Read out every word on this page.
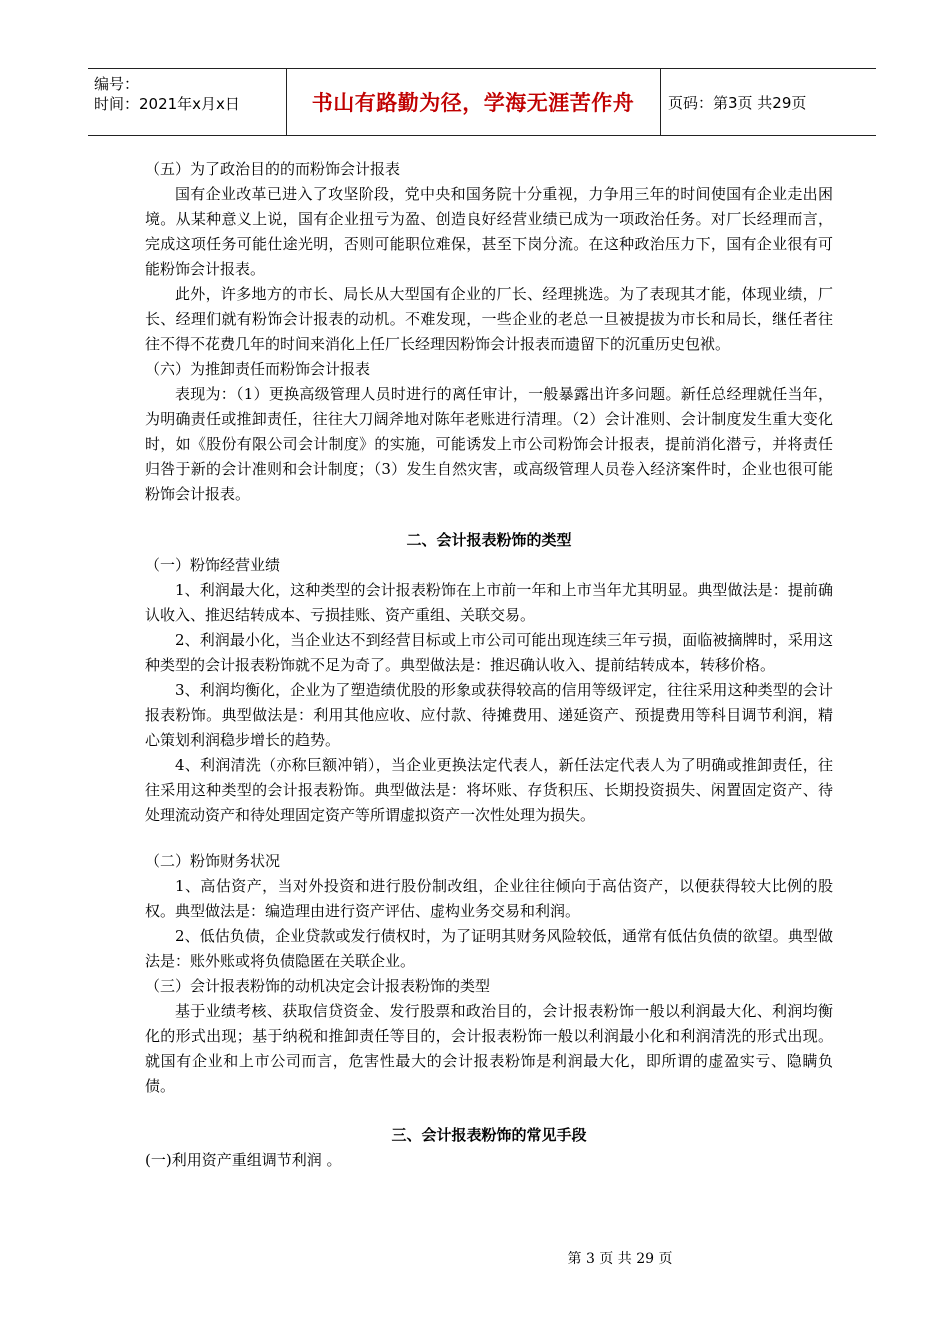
编号：
时间：2021年x月x日	书山有路勤为径，学海无涯苦作舟 页码：第3页 共29页

（五）为了政治目的的而粉饰会计报表

国有企业改革已进入了攻坚阶段，党中央和国务院十分重视，力争用三年的时间使国有企业走出困境。从某种意义上说，国有企业扭亏为盈、创造良好经营业绩已成为一项政治任务。对厂长经理而言，完成这项任务可能仕途光明，否则可能职位难保，甚至下岗分流。在这种政治压力下，国有企业很有可能粉饰会计报表。

此外，许多地方的市长、局长从大型国有企业的厂长、经理挑选。为了表现其才能，体现业绩，厂长、经理们就有粉饰会计报表的动机。不难发现，一些企业的老总一旦被提拔为市长和局长，继任者往往不得不花费几年的时间来消化上任厂长经理因粉饰会计报表而遗留下的沉重历史包袱。

（六）为推卸责任而粉饰会计报表

表现为：（1）更换高级管理人员时进行的离任审计，一般暴露出许多问题。新任总经理就任当年，为明确责任或推卸责任，往往大刀阔斧地对陈年老账进行清理。（2）会计准则、会计制度发生重大变化时，如《股份有限公司会计制度》的实施，可能诱发上市公司粉饰会计报表，提前消化潜亏，并将责任归咎于新的会计准则和会计制度；（3）发生自然灾害，或高级管理人员卷入经济案件时，企业也很可能粉饰会计报表。

二、会计报表粉饰的类型

（一）粉饰经营业绩

1、利润最大化，这种类型的会计报表粉饰在上市前一年和上市当年尤其明显。典型做法是：提前确认收入、推迟结转成本、亏损挂账、资产重组、关联交易。

2、利润最小化，当企业达不到经营目标或上市公司可能出现连续三年亏损，面临被摘牌时，采用这种类型的会计报表粉饰就不足为奇了。典型做法是：推迟确认收入、提前结转成本，转移价格。

3、利润均衡化，企业为了塑造绩优股的形象或获得较高的信用等级评定，往往采用这种类型的会计报表粉饰。典型做法是：利用其他应收、应付款、待摊费用、递延资产、预提费用等科目调节利润，精心策划利润稳步增长的趋势。

4、利润清洗（亦称巨额冲销），当企业更换法定代表人，新任法定代表人为了明确或推卸责任，往往采用这种类型的会计报表粉饰。典型做法是：将坏账、存货积压、长期投资损失、闲置固定资产、待处理流动资产和待处理固定资产等所谓虚拟资产一次性处理为损失。

（二）粉饰财务状况

1、高估资产，当对外投资和进行股份制改组，企业往往倾向于高估资产，以便获得较大比例的股权。典型做法是：编造理由进行资产评估、虚构业务交易和利润。

2、低估负债，企业贷款或发行债权时，为了证明其财务风险较低，通常有低估负债的欲望。典型做法是：账外账或将负债隐匿在关联企业。

（三）会计报表粉饰的动机决定会计报表粉饰的类型

基于业绩考核、获取信贷资金、发行股票和政治目的，会计报表粉饰一般以利润最大化、利润均衡化的形式出现；基于纳税和推卸责任等目的，会计报表粉饰一般以利润最小化和利润清洗的形式出现。 就国有企业和上市公司而言，危害性最大的会计报表粉饰是利润最大化，即所谓的虚盈实亏、隐瞒负债。

三、会计报表粉饰的常见手段

(一)利用资产重组调节利润 。

第 3 页 共 29 页
